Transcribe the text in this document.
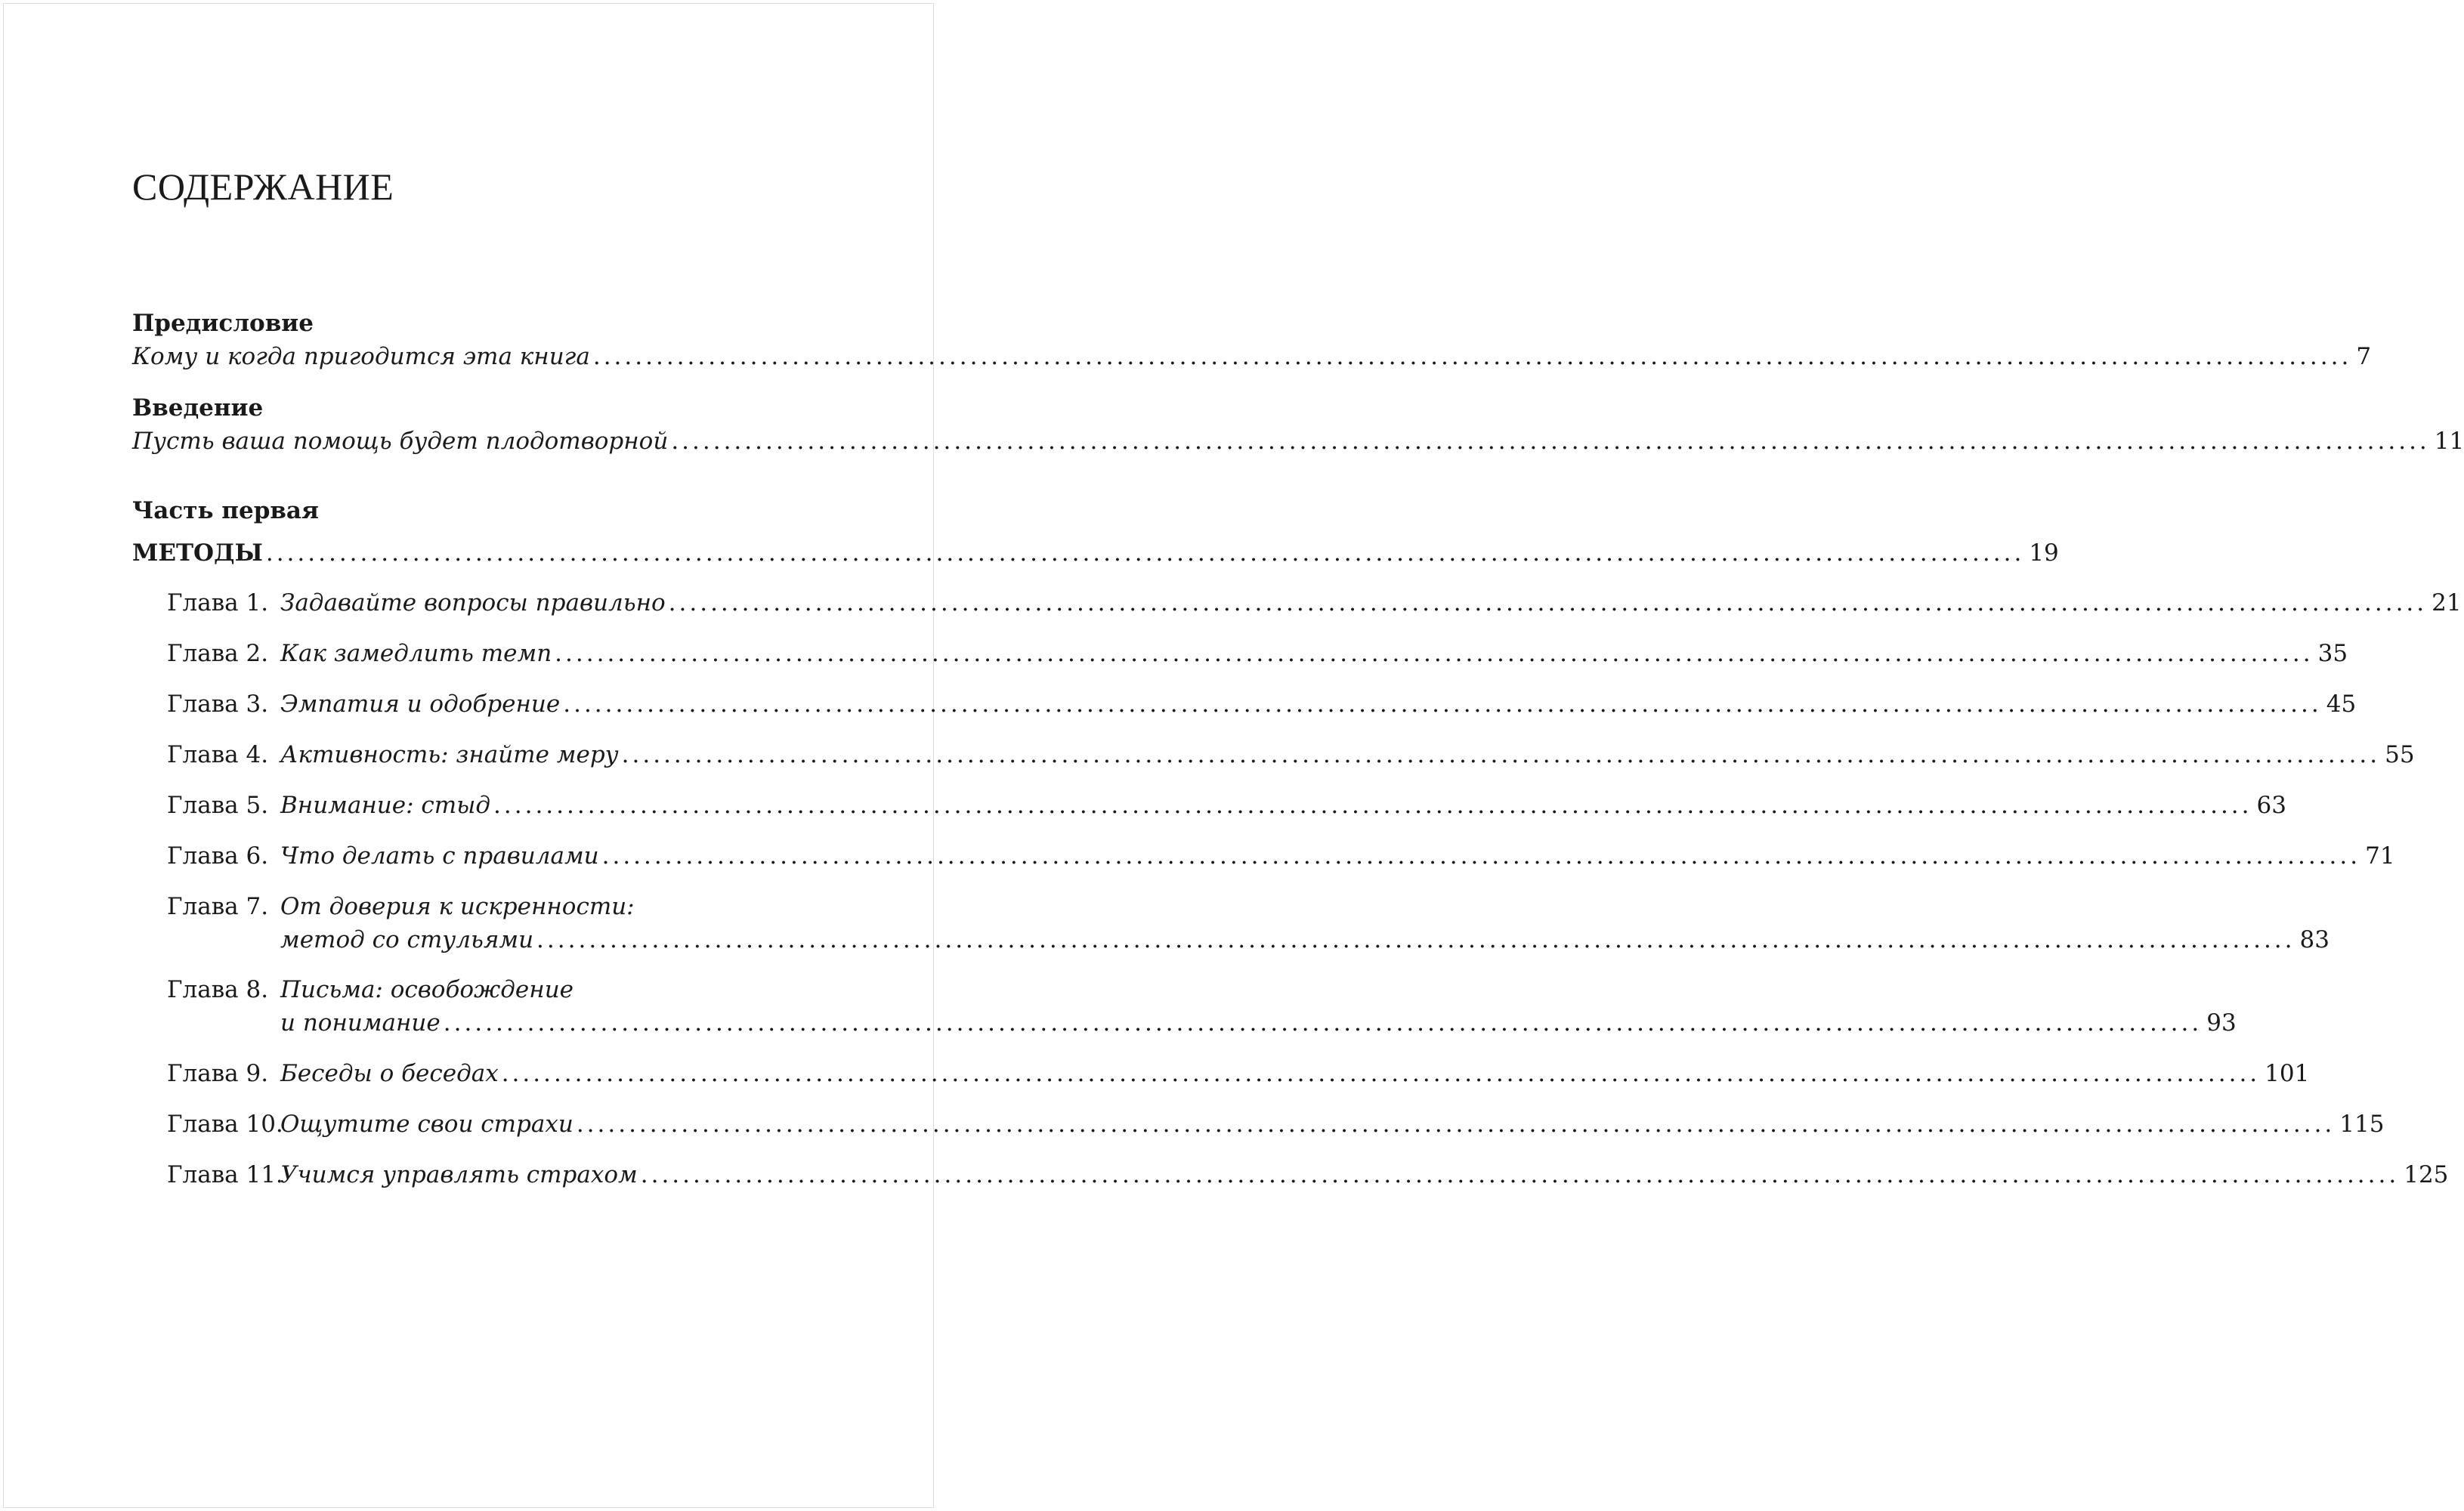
СОДЕРЖАНИЕ
Предисловие
Кому и когда пригодится эта книга ........................................................................................................................................................................ 7
Введение
Пусть ваша помощь будет плодотворной ........................................................................................................................................................................ 11
Часть первая
МЕТОДЫ ........................................................................................................................................................................ 19
Глава 1. Задавайте вопросы правильно ........................................................................................................................................................................ 21
Глава 2. Как замедлить темп ........................................................................................................................................................................ 35
Глава 3. Эмпатия и одобрение ........................................................................................................................................................................ 45
Глава 4. Активность: знайте меру ........................................................................................................................................................................ 55
Глава 5. Внимание: стыд ........................................................................................................................................................................ 63
Глава 6. Что делать с правилами ........................................................................................................................................................................ 71
Глава 7. От доверия к искренности:
метод со стульями ........................................................................................................................................................................ 83
Глава 8. Письма: освобождение
и понимание ........................................................................................................................................................................ 93
Глава 9. Беседы о беседах ........................................................................................................................................................................ 101
Глава 10.
Ощутите свои страхи ........................................................................................................................................................................ 115
Глава 11.
Учимся управлять страхом ........................................................................................................................................................................ 125
